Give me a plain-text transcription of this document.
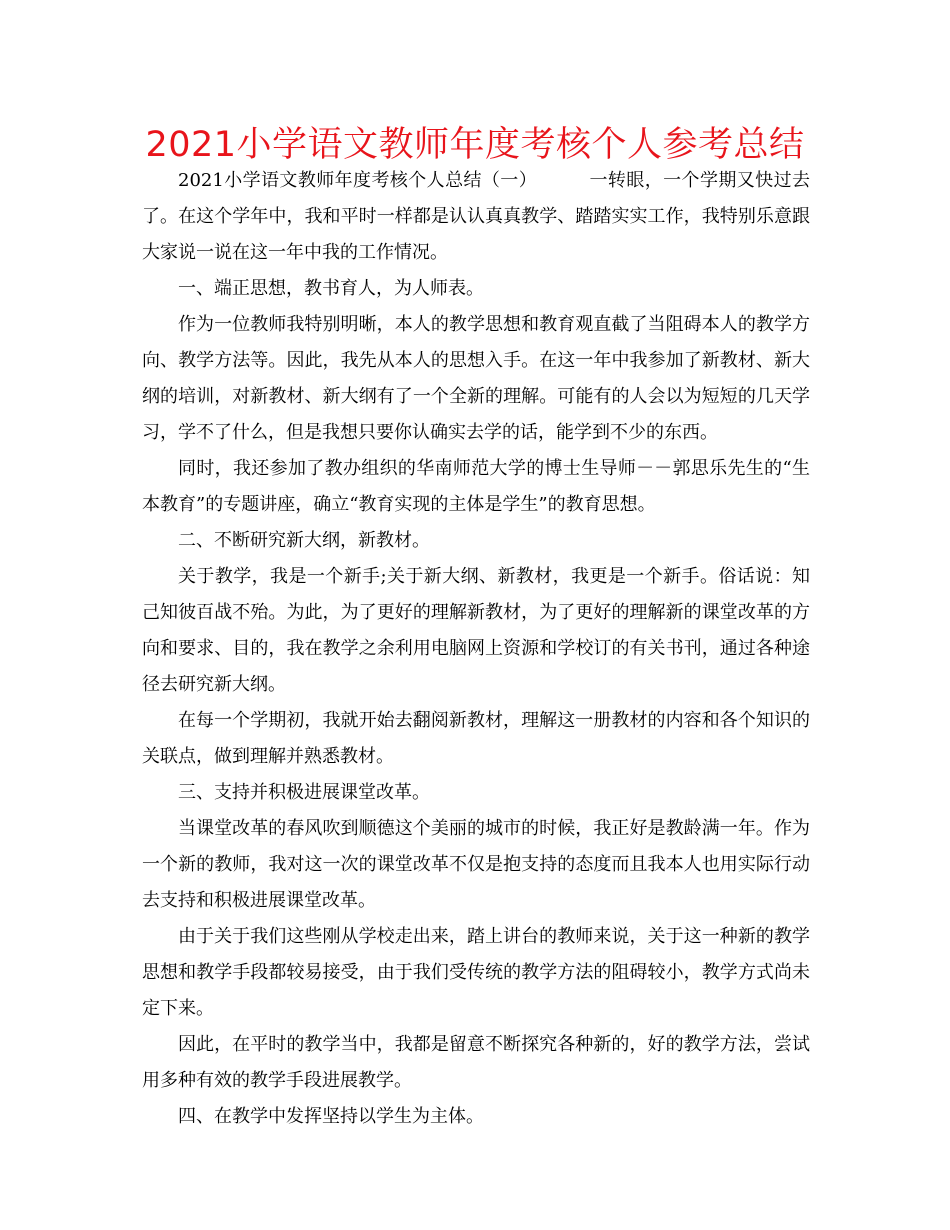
2021小学语文教师年度考核个人参考总结

2021小学语文教师年度考核个人总结（一）	一转眼，一个学期又快过去了。在这个学年中，我和平时一样都是认认真真教学、踏踏实实工作，我特别乐意跟大家说一说在这一年中我的工作情况。

一、端正思想，教书育人，为人师表。

作为一位教师我特别明晰，本人的教学思想和教育观直截了当阻碍本人的教学方向、教学方法等。因此，我先从本人的思想入手。在这一年中我参加了新教材、新大纲的培训，对新教材、新大纲有了一个全新的理解。可能有的人会以为短短的几天学习，学不了什么，但是我想只要你认确实去学的话，能学到不少的东西。

同时，我还参加了教办组织的华南师范大学的博士生导师－－郭思乐先生的“生本教育”的专题讲座，确立“教育实现的主体是学生”的教育思想。

二、不断研究新大纲，新教材。

关于教学，我是一个新手;关于新大纲、新教材，我更是一个新手。俗话说：知己知彼百战不殆。为此，为了更好的理解新教材，为了更好的理解新的课堂改革的方向和要求、目的，我在教学之余利用电脑网上资源和学校订的有关书刊，通过各种途径去研究新大纲。

在每一个学期初，我就开始去翻阅新教材，理解这一册教材的内容和各个知识的关联点，做到理解并熟悉教材。

三、支持并积极进展课堂改革。

当课堂改革的春风吹到顺德这个美丽的城市的时候，我正好是教龄满一年。作为一个新的教师，我对这一次的课堂改革不仅是抱支持的态度而且我本人也用实际行动去支持和积极进展课堂改革。

由于关于我们这些刚从学校走出来，踏上讲台的教师来说，关于这一种新的教学思想和教学手段都较易接受，由于我们受传统的教学方法的阻碍较小，教学方式尚未定下来。

因此，在平时的教学当中，我都是留意不断探究各种新的，好的教学方法，尝试用多种有效的教学手段进展教学。

四、在教学中发挥坚持以学生为主体。
